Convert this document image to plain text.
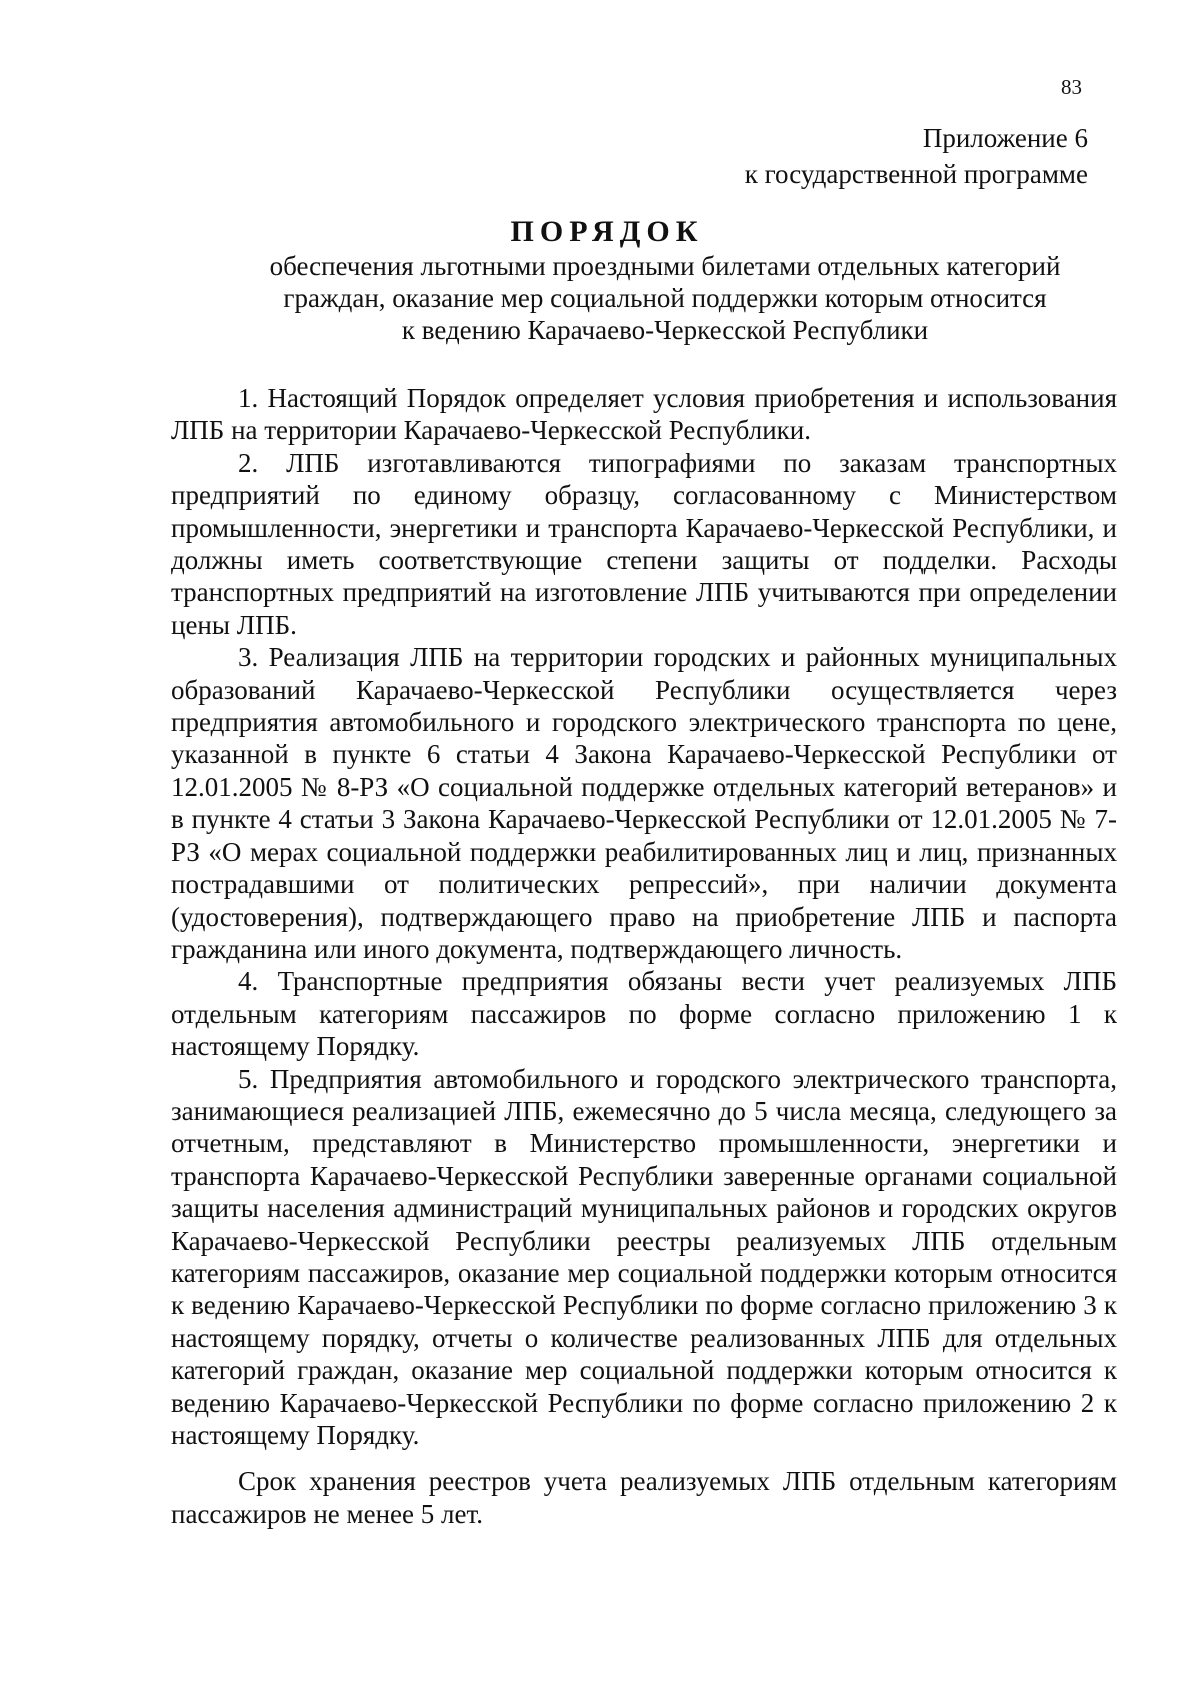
83
Приложение 6
к государственной программе
ПОРЯДОК
обеспечения льготными проездными билетами отдельных категорий
граждан, оказание мер социальной поддержки которым относится
к ведению Карачаево-Черкесской Республики

1. Настоящий Порядок определяет условия приобретения и использования ЛПБ на территории Карачаево-Черкесской Республики.

2. ЛПБ изготавливаются типографиями по заказам транспортных предприятий по единому образцу, согласованному с Министерством промышленности, энергетики и транспорта Карачаево-Черкесской Республики, и должны иметь соответствующие степени защиты от подделки. Расходы транспортных предприятий на изготовление ЛПБ учитываются при определении цены ЛПБ.

3. Реализация ЛПБ на территории городских и районных муниципальных образований Карачаево-Черкесской Республики осуществляется через предприятия автомобильного и городского электрического транспорта по цене, указанной в пункте 6 статьи 4 Закона Карачаево-Черкесской Республики от 12.01.2005 № 8-РЗ «О социальной поддержке отдельных категорий ветеранов» и в пункте 4 статьи 3 Закона Карачаево-Черкесской Республики от 12.01.2005 № 7-РЗ «О мерах социальной поддержки реабилитированных лиц и лиц, признанных пострадавшими от политических репрессий», при наличии документа (удостоверения), подтверждающего право на приобретение ЛПБ и паспорта гражданина или иного документа, подтверждающего личность.

4. Транспортные предприятия обязаны вести учет реализуемых ЛПБ отдельным категориям пассажиров по форме согласно приложению 1 к настоящему Порядку.

5. Предприятия автомобильного и городского электрического транспорта, занимающиеся реализацией ЛПБ, ежемесячно до 5 числа месяца, следующего за отчетным, представляют в Министерство промышленности, энергетики и транспорта Карачаево-Черкесской Республики заверенные органами социальной защиты населения администраций муниципальных районов и городских округов Карачаево-Черкесской Республики реестры реализуемых ЛПБ отдельным категориям пассажиров, оказание мер социальной поддержки которым относится к ведению Карачаево-Черкесской Республики по форме согласно приложению 3 к настоящему порядку, отчеты о количестве реализованных ЛПБ для отдельных категорий граждан, оказание мер социальной поддержки которым относится к ведению Карачаево-Черкесской Республики по форме согласно приложению 2 к настоящему Порядку.

Срок хранения реестров учета реализуемых ЛПБ отдельным категориям пассажиров не менее 5 лет.
